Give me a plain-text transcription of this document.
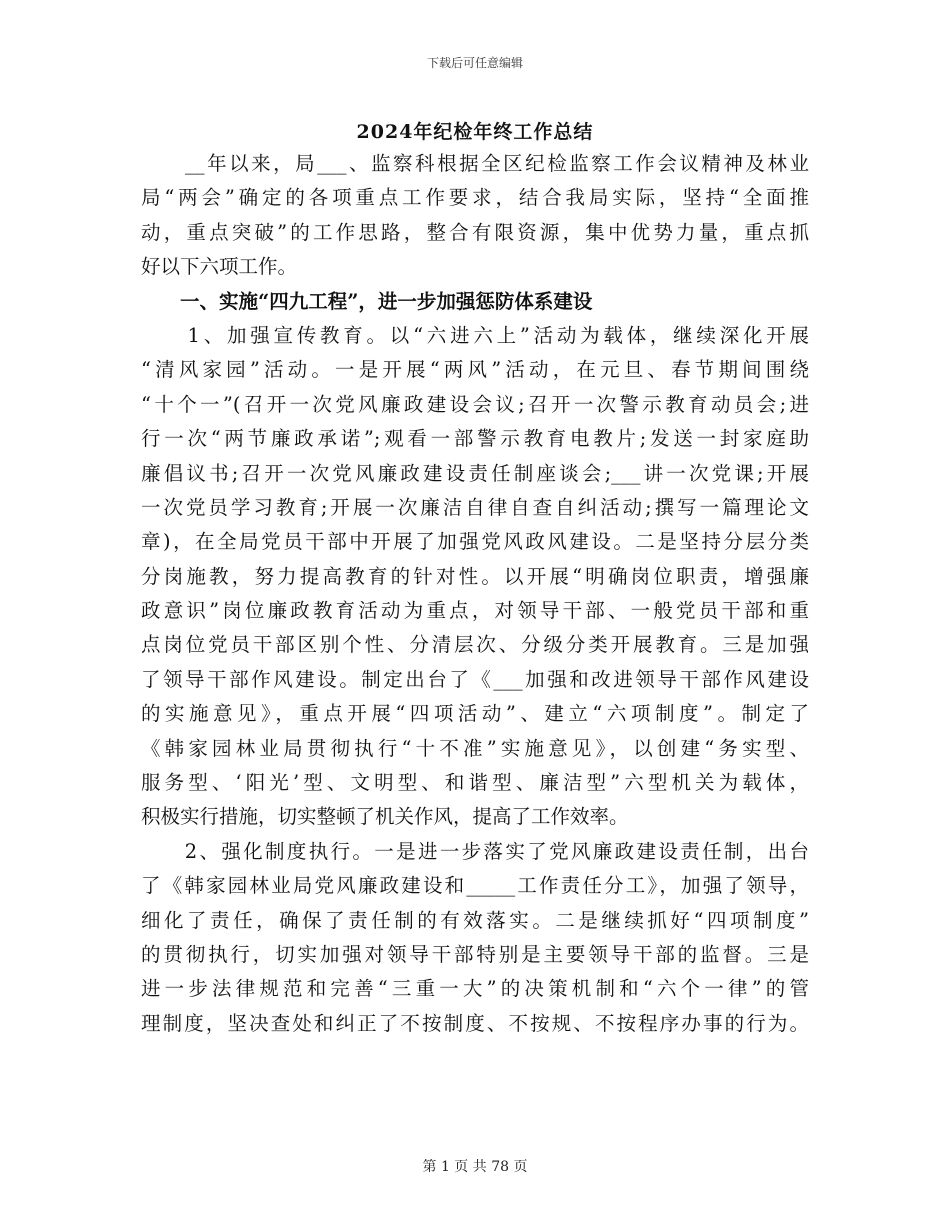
下载后可任意编辑
2024年纪检年终工作总结
　　__年以来，局___、监察科根据全区纪检监察工作会议精神及林业
局“两会”确定的各项重点工作要求，结合我局实际，坚持“全面推
动，重点突破”的工作思路，整合有限资源，集中优势力量，重点抓
好以下六项工作。
　　一、实施“四九工程”，进一步加强惩防体系建设
　　1、加强宣传教育。以“六进六上”活动为载体，继续深化开展
“清风家园”活动。一是开展“两风”活动，在元旦、春节期间围绕
“十个一”(召开一次党风廉政建设会议;召开一次警示教育动员会;进
行一次“两节廉政承诺”;观看一部警示教育电教片;发送一封家庭助
廉倡议书;召开一次党风廉政建设责任制座谈会;___讲一次党课;开展
一次党员学习教育;开展一次廉洁自律自查自纠活动;撰写一篇理论文
章)，在全局党员干部中开展了加强党风政风建设。二是坚持分层分类
分岗施教，努力提高教育的针对性。以开展“明确岗位职责，增强廉
政意识”岗位廉政教育活动为重点，对领导干部、一般党员干部和重
点岗位党员干部区别个性、分清层次、分级分类开展教育。三是加强
了领导干部作风建设。制定出台了《___加强和改进领导干部作风建设
的实施意见》，重点开展“四项活动”、建立“六项制度”。制定了
《韩家园林业局贯彻执行“十不准”实施意见》，以创建“务实型、
服务型、‘阳光’型、文明型、和谐型、廉洁型”六型机关为载体，
积极实行措施，切实整顿了机关作风，提高了工作效率。
　　2、强化制度执行。一是进一步落实了党风廉政建设责任制，出台
了《韩家园林业局党风廉政建设和_____工作责任分工》，加强了领导，
细化了责任，确保了责任制的有效落实。二是继续抓好“四项制度”
的贯彻执行，切实加强对领导干部特别是主要领导干部的监督。三是
进一步法律规范和完善“三重一大”的决策机制和“六个一律”的管
理制度，坚决查处和纠正了不按制度、不按规、不按程序办事的行为。
第 1 页 共 78 页
